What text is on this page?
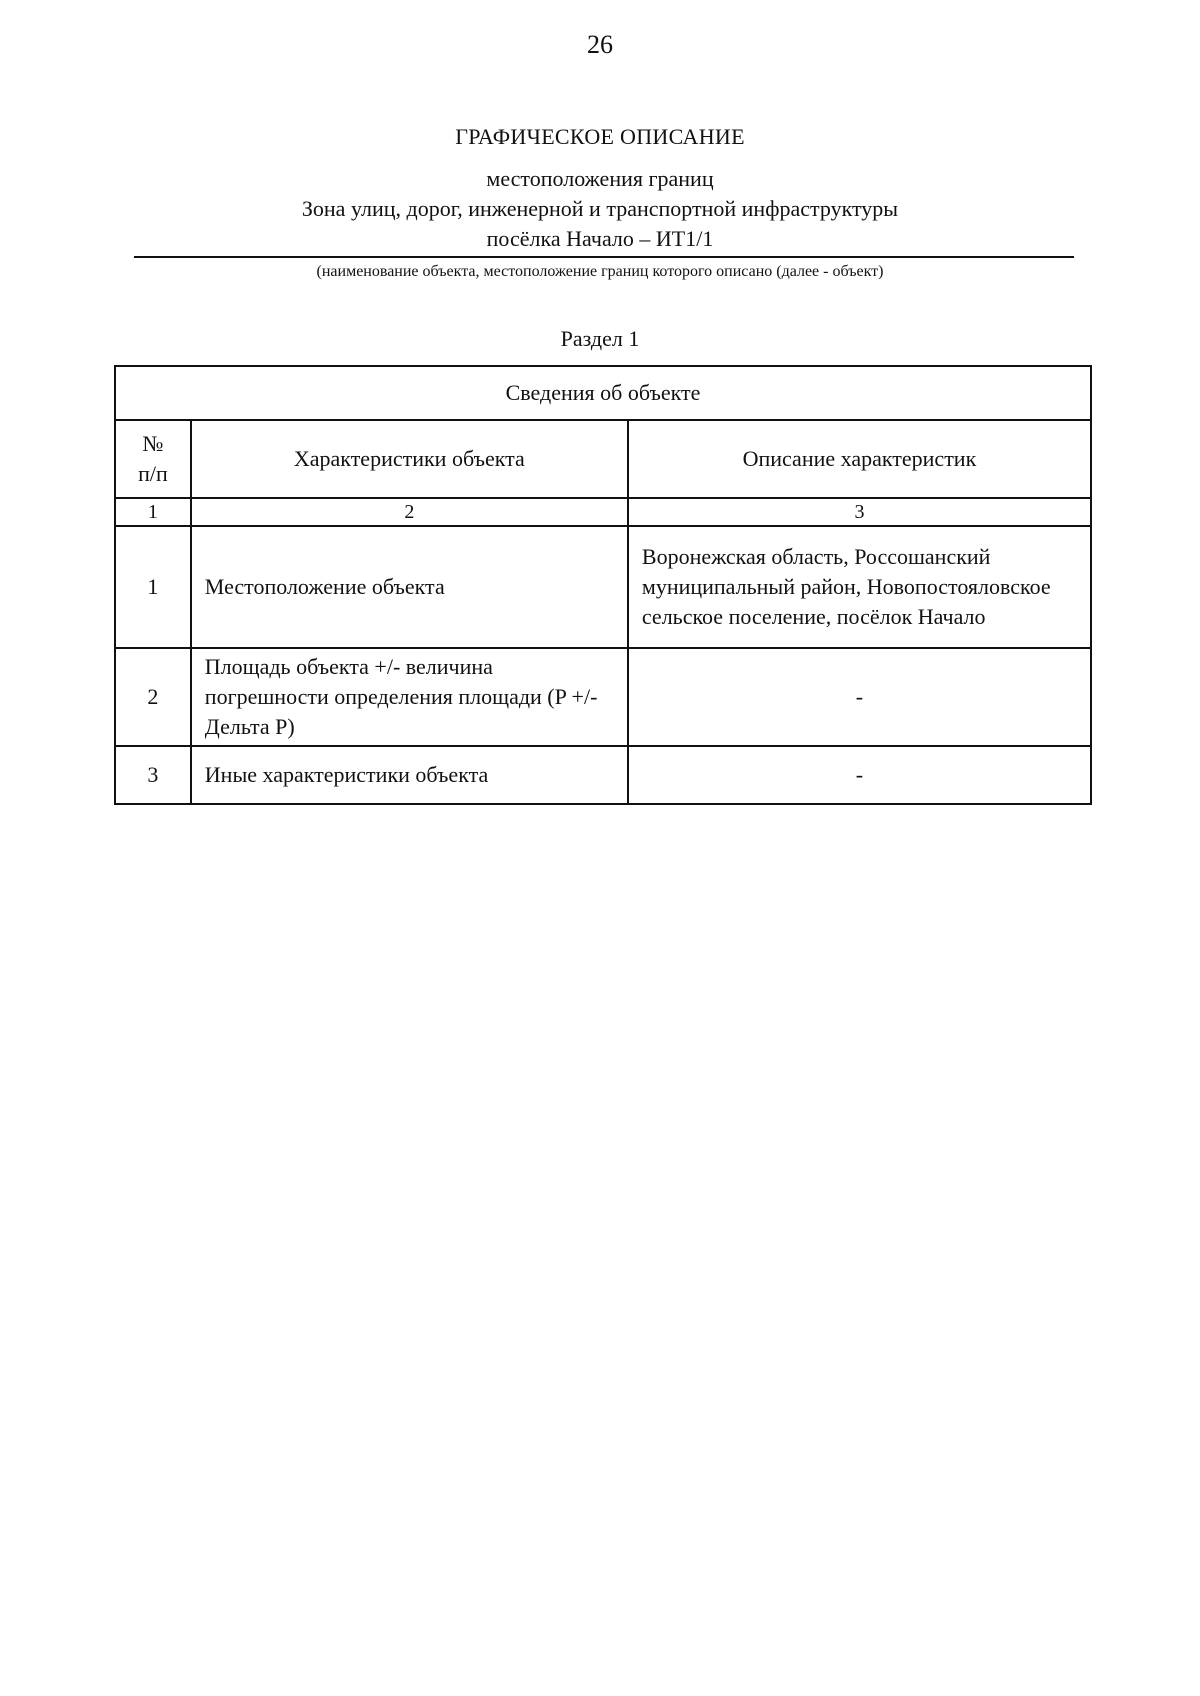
26
ГРАФИЧЕСКОЕ ОПИСАНИЕ
местоположения границ
Зона улиц, дорог, инженерной и транспортной инфраструктуры
посёлка Начало – ИТ1/1
(наименование объекта, местоположение границ которого описано (далее - объект)
Раздел 1
Сведения об объекте		
№
п/п	Характеристики объекта	Описание характеристик
1	2	3
1	Местоположение объекта	Воронежская область, Россошанский муниципальный район, Новопостояловское сельское поселение, посёлок Начало
2	Площадь объекта +/- величина погрешности определения площади (P +/- Дельта P)	-
3	Иные характеристики объекта	-
